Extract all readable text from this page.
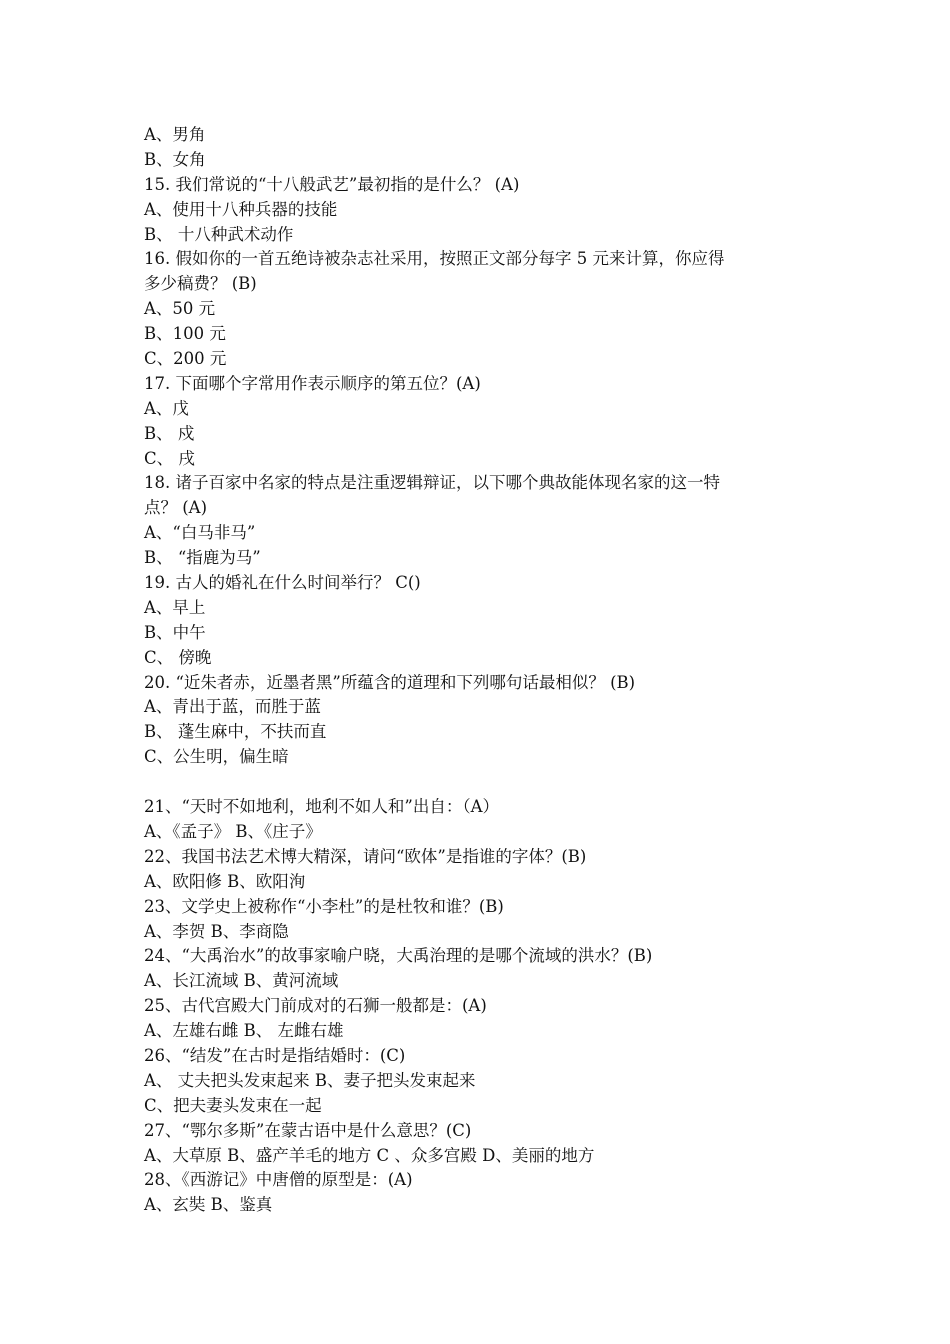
A、男角
B、女角
15. 我们常说的“十八般武艺”最初指的是什么？ (A)
A、使用十八种兵器的技能
B、 十八种武术动作
16. 假如你的一首五绝诗被杂志社采用，按照正文部分每字 5 元来计算，你应得
多少稿费？ (B)
A、50 元
B、100 元
C、200 元
17. 下面哪个字常用作表示顺序的第五位？(A)
A、戊
B、 戍
C、 戌
18. 诸子百家中名家的特点是注重逻辑辩证，以下哪个典故能体现名家的这一特
点？ (A)
A、“白马非马”
B、 “指鹿为马”
19. 古人的婚礼在什么时间举行？ C()
A、早上
B、中午
C、 傍晚
20. “近朱者赤，近墨者黑”所蕴含的道理和下列哪句话最相似？ (B)
A、青出于蓝，而胜于蓝
B、 蓬生麻中，不扶而直
C、公生明，偏生暗
21、“天时不如地利，地利不如人和”出自：（A）
A、《孟子》 B、《庄子》
22、我国书法艺术博大精深，请问“欧体”是指谁的字体？(B)
A、欧阳修 B、欧阳洵
23、文学史上被称作“小李杜”的是杜牧和谁？(B)
A、李贺 B、李商隐
24、“大禹治水”的故事家喻户晓，大禹治理的是哪个流域的洪水？(B)
A、长江流域 B、黄河流域
25、古代宫殿大门前成对的石狮一般都是：(A)
A、左雄右雌 B、 左雌右雄
26、“结发”在古时是指结婚时：(C)
A、 丈夫把头发束起来 B、妻子把头发束起来
C、把夫妻头发束在一起
27、“鄂尔多斯”在蒙古语中是什么意思？(C)
A、大草原 B、盛产羊毛的地方 C 、众多宫殿 D、美丽的地方
28、《西游记》中唐僧的原型是：(A)
A、玄奘 B、鉴真
